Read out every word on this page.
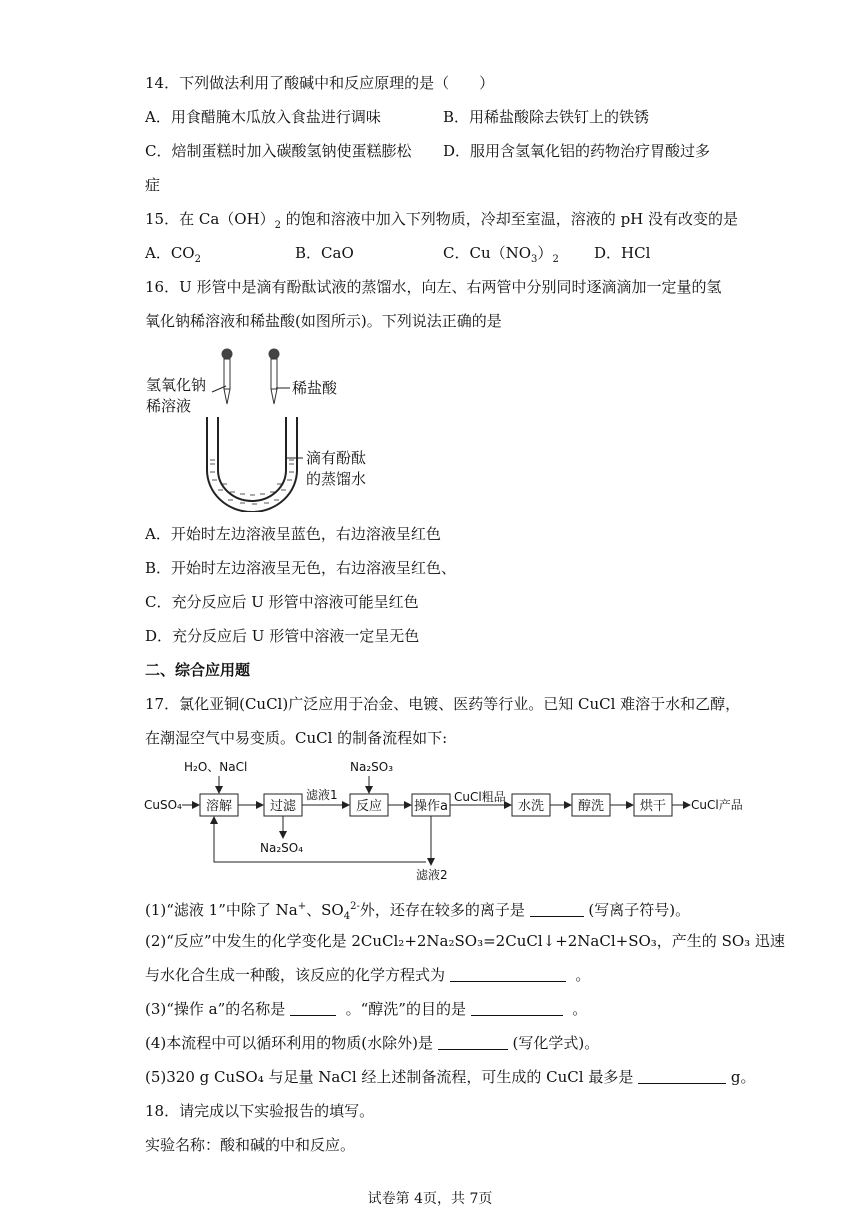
14．下列做法利用了酸碱中和反应原理的是（　　）
A．用食醋腌木瓜放入食盐进行调味	B．用稀盐酸除去铁钉上的铁锈
C．焙制蛋糕时加入碳酸氢钠使蛋糕膨松 D．服用含氢氧化铝的药物治疗胃酸过多
症
15．在 $Ca(OH)_2$ 的饱和溶液中加入下列物质，冷却至室温，溶液的 pH 没有改变的是
A．$CO_2$	B．CaO	C．$Cu(NO_3)_2$ D．HCl
16．U 形管中是滴有酚酞试液的蒸馏水，向左、右两管中分别同时逐滴滴加一定量的氢
氧化钠稀溶液和稀盐酸(如图所示)。下列说法正确的是
氢氧化钠
稀溶液
稀盐酸
滴有酚酞
的蒸馏水
A．开始时左边溶液呈蓝色，右边溶液呈红色
B．开始时左边溶液呈无色，右边溶液呈红色、
C．充分反应后 U 形管中溶液可能呈红色
D．充分反应后 U 形管中溶液一定呈无色
二、综合应用题
17．氯化亚铜(CuCl)广泛应用于冶金、电镀、医药等行业。已知 CuCl 难溶于水和乙醇，
在潮湿空气中易变质。CuCl 的制备流程如下:
H₂O、NaCl	Na₂SO₃
CuSO₄
滤液1
Na₂SO₄
CuCl粗品
CuCl产品
滤液2
溶解	过滤	反应 操作a	水洗	醇洗	烘干
(1)“滤液 1”中除了 Na+、$SO_4^{2-}$外，还存在较多的离子是	(写离子符号)。
(2)“反应”中发生的化学变化是 2CuCl₂+2Na₂SO₃=2CuCl↓+2NaCl+SO₃，产生的 SO₃ 迅速
与水化合生成一种酸，该反应的化学方程式为	。
(3)“操作 a”的名称是	。“醇洗”的目的是	。
(4)本流程中可以循环利用的物质(水除外)是	(写化学式)。
(5)320 g CuSO₄ 与足量 NaCl 经上述制备流程，可生成的 CuCl 最多是	g。
18．请完成以下实验报告的填写。
实验名称：酸和碱的中和反应。
试卷第 4页，共 7页
